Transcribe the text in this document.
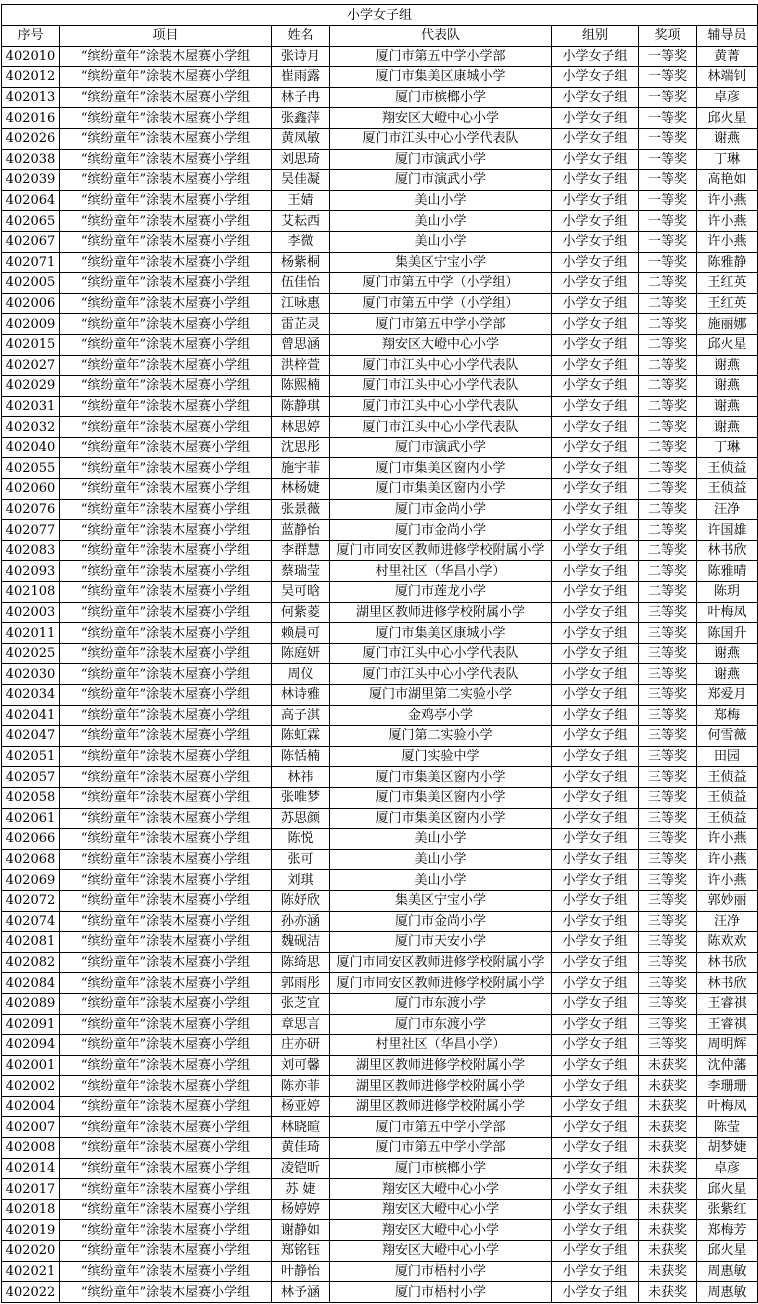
小学女子组						
序号	项目	姓名	代表队	组别	奖项	辅导员
402010	“缤纷童年”涂装木屋赛小学组	张诗月	厦门市第五中学小学部	小学女子组	一等奖	黄菁
402012	“缤纷童年”涂装木屋赛小学组	崔雨露	厦门市集美区康城小学	小学女子组	一等奖	林端钊
402013	“缤纷童年”涂装木屋赛小学组	林子冉	厦门市槟榔小学	小学女子组	一等奖	卓彦
402016	“缤纷童年”涂装木屋赛小学组	张鑫萍	翔安区大嶝中心小学	小学女子组	一等奖	邱火星
402026	“缤纷童年”涂装木屋赛小学组	黄凤敏	厦门市江头中心小学代表队	小学女子组	一等奖	谢燕
402038	“缤纷童年”涂装木屋赛小学组	刘思琦	厦门市演武小学	小学女子组	一等奖	丁琳
402039	“缤纷童年”涂装木屋赛小学组	吴佳凝	厦门市演武小学	小学女子组	一等奖	高艳如
402064	“缤纷童年”涂装木屋赛小学组	王婧	美山小学	小学女子组	一等奖	许小燕
402065	“缤纷童年”涂装木屋赛小学组	艾耘西	美山小学	小学女子组	一等奖	许小燕
402067	“缤纷童年”涂装木屋赛小学组	李微	美山小学	小学女子组	一等奖	许小燕
402071	“缤纷童年”涂装木屋赛小学组	杨紫桐	集美区宁宝小学	小学女子组	一等奖	陈雅静
402005	“缤纷童年”涂装木屋赛小学组	伍佳怡	厦门市第五中学（小学组）	小学女子组	二等奖	王红英
402006	“缤纷童年”涂装木屋赛小学组	江咏惠	厦门市第五中学（小学组）	小学女子组	二等奖	王红英
402009	“缤纷童年”涂装木屋赛小学组	雷芷灵	厦门市第五中学小学部	小学女子组	二等奖	施丽娜
402015	“缤纷童年”涂装木屋赛小学组	曾思涵	翔安区大嶝中心小学	小学女子组	二等奖	邱火星
402027	“缤纷童年”涂装木屋赛小学组	洪梓萱	厦门市江头中心小学代表队	小学女子组	二等奖	谢燕
402029	“缤纷童年”涂装木屋赛小学组	陈熙楠	厦门市江头中心小学代表队	小学女子组	二等奖	谢燕
402031	“缤纷童年”涂装木屋赛小学组	陈静琪	厦门市江头中心小学代表队	小学女子组	二等奖	谢燕
402032	“缤纷童年”涂装木屋赛小学组	林思婷	厦门市江头中心小学代表队	小学女子组	二等奖	谢燕
402040	“缤纷童年”涂装木屋赛小学组	沈思彤	厦门市演武小学	小学女子组	二等奖	丁琳
402055	“缤纷童年”涂装木屋赛小学组	施宇菲	厦门市集美区窗内小学	小学女子组	二等奖	王侦益
402060	“缤纷童年”涂装木屋赛小学组	林杨婕	厦门市集美区窗内小学	小学女子组	二等奖	王侦益
402076	“缤纷童年”涂装木屋赛小学组	张景薇	厦门市金尚小学	小学女子组	二等奖	汪净
402077	“缤纷童年”涂装木屋赛小学组	蓝静怡	厦门市金尚小学	小学女子组	二等奖	许国雄
402083	“缤纷童年”涂装木屋赛小学组	李群慧	厦门市同安区教师进修学校附属小学	小学女子组	二等奖	林书欣
402093	“缤纷童年”涂装木屋赛小学组	蔡瑞莹	村里社区（华昌小学）	小学女子组	二等奖	陈雅晴
402108	“缤纷童年”涂装木屋赛小学组	吴可晗	厦门市莲龙小学	小学女子组	二等奖	陈玥
402003	“缤纷童年”涂装木屋赛小学组	何紫菱	湖里区教师进修学校附属小学	小学女子组	三等奖	叶梅凤
402011	“缤纷童年”涂装木屋赛小学组	赖晨可	厦门市集美区康城小学	小学女子组	三等奖	陈国升
402025	“缤纷童年”涂装木屋赛小学组	陈庭妍	厦门市江头中心小学代表队	小学女子组	三等奖	谢燕
402030	“缤纷童年”涂装木屋赛小学组	周仪	厦门市江头中心小学代表队	小学女子组	三等奖	谢燕
402034	“缤纷童年”涂装木屋赛小学组	林诗雅	厦门市湖里第二实验小学	小学女子组	三等奖	郑爱月
402041	“缤纷童年”涂装木屋赛小学组	高子淇	金鸡亭小学	小学女子组	三等奖	郑梅
402047	“缤纷童年”涂装木屋赛小学组	陈虹霖	厦门第二实验小学	小学女子组	三等奖	何雪薇
402051	“缤纷童年”涂装木屋赛小学组	陈恬楠	厦门实验中学	小学女子组	三等奖	田园
402057	“缤纷童年”涂装木屋赛小学组	林祎	厦门市集美区窗内小学	小学女子组	三等奖	王侦益
402058	“缤纷童年”涂装木屋赛小学组	张唯梦	厦门市集美区窗内小学	小学女子组	三等奖	王侦益
402061	“缤纷童年”涂装木屋赛小学组	苏思颜	厦门市集美区窗内小学	小学女子组	三等奖	王侦益
402066	“缤纷童年”涂装木屋赛小学组	陈悦	美山小学	小学女子组	三等奖	许小燕
402068	“缤纷童年”涂装木屋赛小学组	张可	美山小学	小学女子组	三等奖	许小燕
402069	“缤纷童年”涂装木屋赛小学组	刘琪	美山小学	小学女子组	三等奖	许小燕
402072	“缤纷童年”涂装木屋赛小学组	陈妤欣	集美区宁宝小学	小学女子组	三等奖	郭妙丽
402074	“缤纷童年”涂装木屋赛小学组	孙亦涵	厦门市金尚小学	小学女子组	三等奖	汪净
402081	“缤纷童年”涂装木屋赛小学组	魏砚洁	厦门市天安小学	小学女子组	三等奖	陈欢欢
402082	“缤纷童年”涂装木屋赛小学组	陈绮思	厦门市同安区教师进修学校附属小学	小学女子组	三等奖	林书欣
402084	“缤纷童年”涂装木屋赛小学组	郭雨彤	厦门市同安区教师进修学校附属小学	小学女子组	三等奖	林书欣
402089	“缤纷童年”涂装木屋赛小学组	张芝宜	厦门市东渡小学	小学女子组	三等奖	王睿祺
402091	“缤纷童年”涂装木屋赛小学组	章思言	厦门市东渡小学	小学女子组	三等奖	王睿祺
402094	“缤纷童年”涂装木屋赛小学组	庄亦研	村里社区（华昌小学）	小学女子组	三等奖	周明辉
402001	“缤纷童年”涂装木屋赛小学组	刘可馨	湖里区教师进修学校附属小学	小学女子组	未获奖	沈仲藩
402002	“缤纷童年”涂装木屋赛小学组	陈亦菲	湖里区教师进修学校附属小学	小学女子组	未获奖	李珊珊
402004	“缤纷童年”涂装木屋赛小学组	杨亚婷	湖里区教师进修学校附属小学	小学女子组	未获奖	叶梅凤
402007	“缤纷童年”涂装木屋赛小学组	林晓暄	厦门市第五中学小学部	小学女子组	未获奖	陈莹
402008	“缤纷童年”涂装木屋赛小学组	黄佳琦	厦门市第五中学小学部	小学女子组	未获奖	胡梦婕
402014	“缤纷童年”涂装木屋赛小学组	凌铠昕	厦门市槟榔小学	小学女子组	未获奖	卓彦
402017	“缤纷童年”涂装木屋赛小学组	苏 婕	翔安区大嶝中心小学	小学女子组	未获奖	邱火星
402018	“缤纷童年”涂装木屋赛小学组	杨婷婷	翔安区大嶝中心小学	小学女子组	未获奖	张紫红
402019	“缤纷童年”涂装木屋赛小学组	谢静如	翔安区大嶝中心小学	小学女子组	未获奖	郑梅芳
402020	“缤纷童年”涂装木屋赛小学组	郑铭钰	翔安区大嶝中心小学	小学女子组	未获奖	邱火星
402021	“缤纷童年”涂装木屋赛小学组	叶静怡	厦门市梧村小学	小学女子组	未获奖	周惠敏
402022	“缤纷童年”涂装木屋赛小学组	林予涵	厦门市梧村小学	小学女子组	未获奖	周惠敏
